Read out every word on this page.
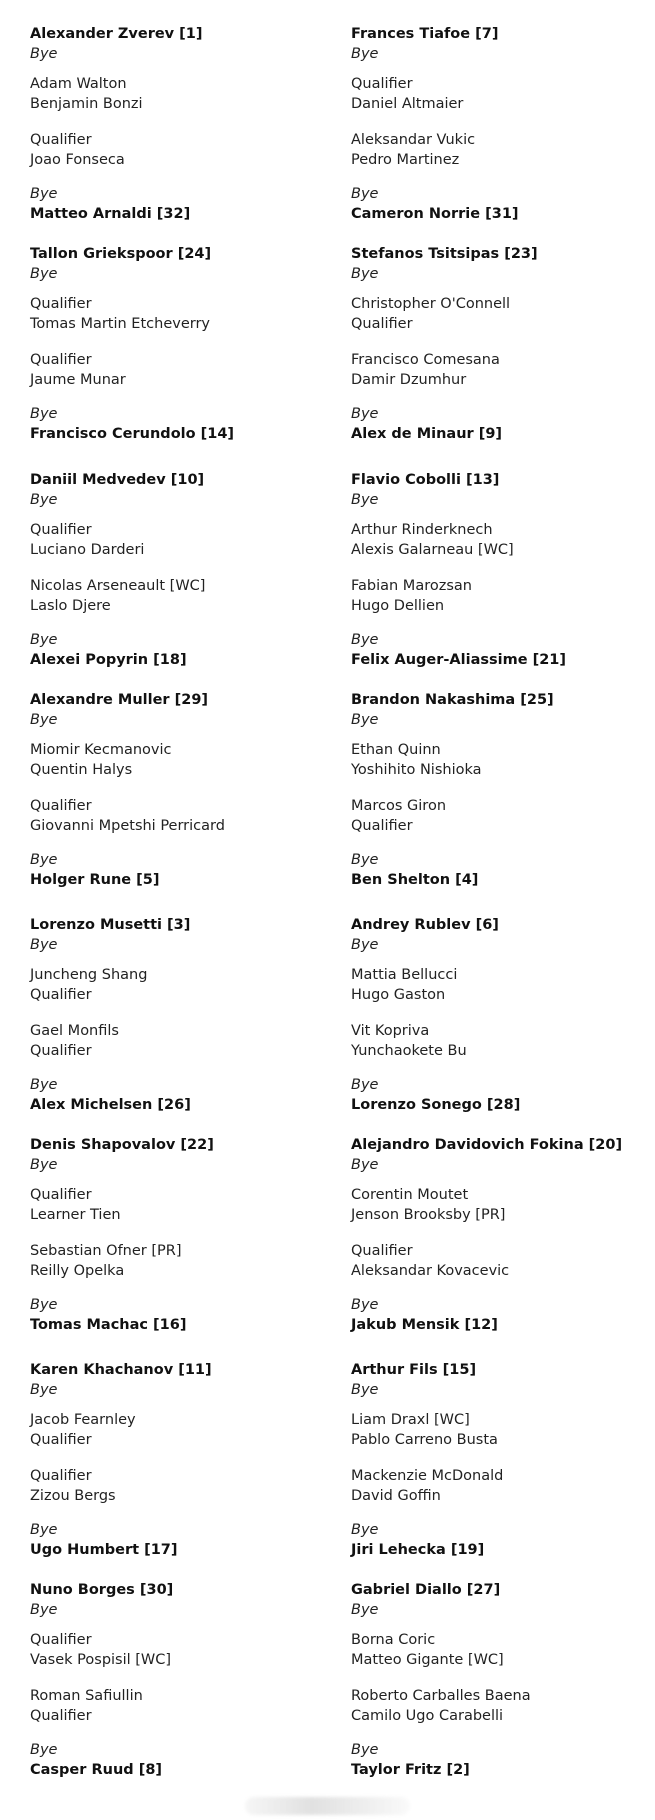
Alexander Zverev [1]
Bye
Adam Walton
Benjamin Bonzi
Qualifier
Joao Fonseca
Bye
Matteo Arnaldi [32]
Tallon Griekspoor [24]
Bye
Qualifier
Tomas Martin Etcheverry
Qualifier
Jaume Munar
Bye
Francisco Cerundolo [14]
Daniil Medvedev [10]
Bye
Qualifier
Luciano Darderi
Nicolas Arseneault [WC]
Laslo Djere
Bye
Alexei Popyrin [18]
Alexandre Muller [29]
Bye
Miomir Kecmanovic
Quentin Halys
Qualifier
Giovanni Mpetshi Perricard
Bye
Holger Rune [5]
Lorenzo Musetti [3]
Bye
Juncheng Shang
Qualifier
Gael Monfils
Qualifier
Bye
Alex Michelsen [26]
Denis Shapovalov [22]
Bye
Qualifier
Learner Tien
Sebastian Ofner [PR]
Reilly Opelka
Bye
Tomas Machac [16]
Karen Khachanov [11]
Bye
Jacob Fearnley
Qualifier
Qualifier
Zizou Bergs
Bye
Ugo Humbert [17]
Nuno Borges [30]
Bye
Qualifier
Vasek Pospisil [WC]
Roman Safiullin
Qualifier
Bye
Casper Ruud [8]
Frances Tiafoe [7]
Bye
Qualifier
Daniel Altmaier
Aleksandar Vukic
Pedro Martinez
Bye
Cameron Norrie [31]
Stefanos Tsitsipas [23]
Bye
Christopher O'Connell
Qualifier
Francisco Comesana
Damir Dzumhur
Bye
Alex de Minaur [9]
Flavio Cobolli [13]
Bye
Arthur Rinderknech
Alexis Galarneau [WC]
Fabian Marozsan
Hugo Dellien
Bye
Felix Auger-Aliassime [21]
Brandon Nakashima [25]
Bye
Ethan Quinn
Yoshihito Nishioka
Marcos Giron
Qualifier
Bye
Ben Shelton [4]
Andrey Rublev [6]
Bye
Mattia Bellucci
Hugo Gaston
Vit Kopriva
Yunchaokete Bu
Bye
Lorenzo Sonego [28]
Alejandro Davidovich Fokina [20]
Bye
Corentin Moutet
Jenson Brooksby [PR]
Qualifier
Aleksandar Kovacevic
Bye
Jakub Mensik [12]
Arthur Fils [15]
Bye
Liam Draxl [WC]
Pablo Carreno Busta
Mackenzie McDonald
David Goffin
Bye
Jiri Lehecka [19]
Gabriel Diallo [27]
Bye
Borna Coric
Matteo Gigante [WC]
Roberto Carballes Baena
Camilo Ugo Carabelli
Bye
Taylor Fritz [2]
